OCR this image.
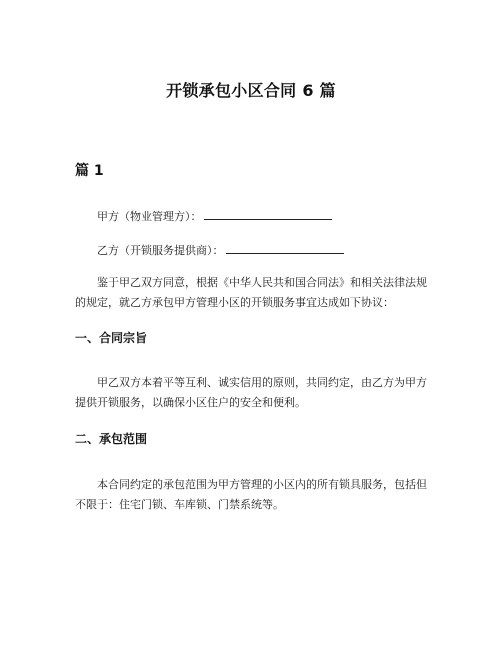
开锁承包小区合同 6 篇
篇 1

甲方（物业管理方）：

乙方（开锁服务提供商）：

鉴于甲乙双方同意，根据《中华人民共和国合同法》和相关法律法规的规定，就乙方承包甲方管理小区的开锁服务事宜达成如下协议：

一、合同宗旨

甲乙双方本着平等互利、诚实信用的原则，共同约定，由乙方为甲方提供开锁服务，以确保小区住户的安全和便利。

二、承包范围

本合同约定的承包范围为甲方管理的小区内的所有锁具服务，包括但不限于：住宅门锁、车库锁、门禁系统等。
